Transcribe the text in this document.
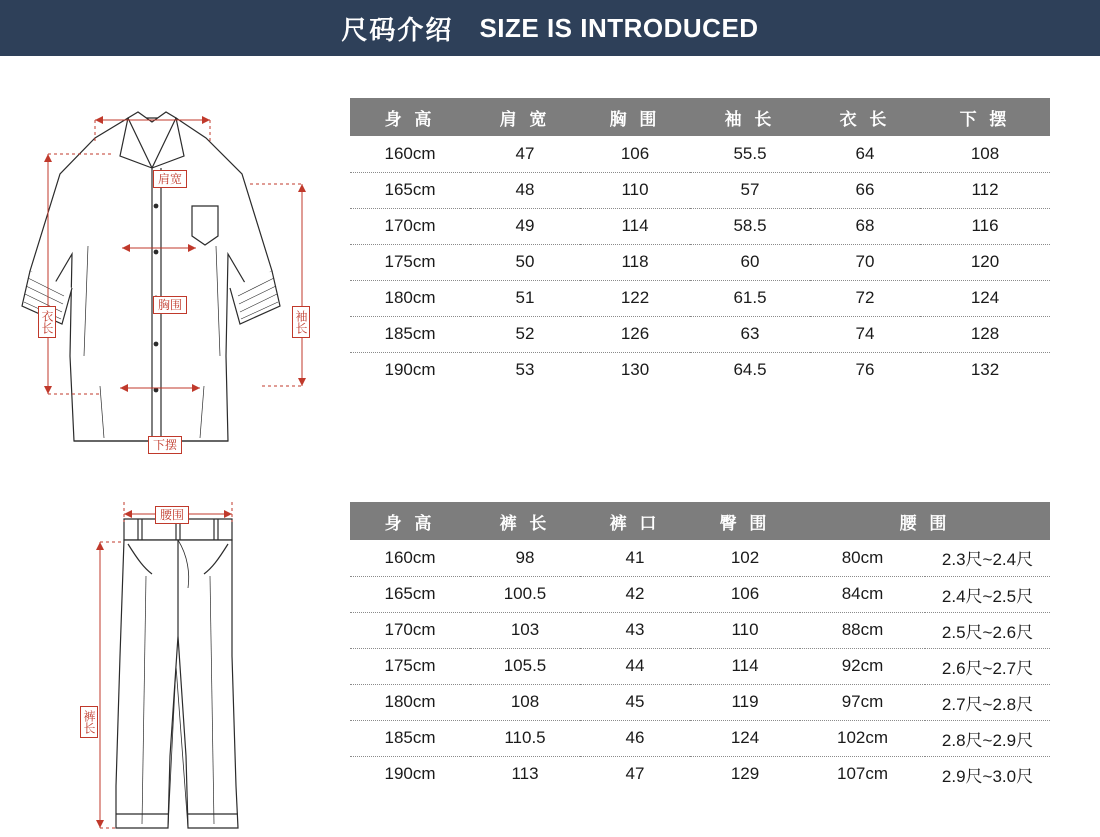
尺码介绍 SIZE IS INTRODUCED
肩宽
胸围
下摆
衣长	袖长
身 高	肩 宽	胸 围	袖 长	衣 长	下 摆
160cm	47	106	55.5	64	108
165cm	48	110	57	66	112
170cm	49	114	58.5	68	116
175cm	50	118	60	70	120
180cm	51	122	61.5	72	124
185cm	52	126	63	74	128
190cm	53	130	64.5	76	132
腰围
裤长
身 高	裤 长	裤 口	臀 围	腰 围	
160cm	98	41	102	80cm	2.3尺~2.4尺
165cm	100.5	42	106	84cm	2.4尺~2.5尺
170cm	103	43	110	88cm	2.5尺~2.6尺
175cm	105.5	44	114	92cm	2.6尺~2.7尺
180cm	108	45	119	97cm	2.7尺~2.8尺
185cm	110.5	46	124	102cm	2.8尺~2.9尺
190cm	113	47	129	107cm	2.9尺~3.0尺
